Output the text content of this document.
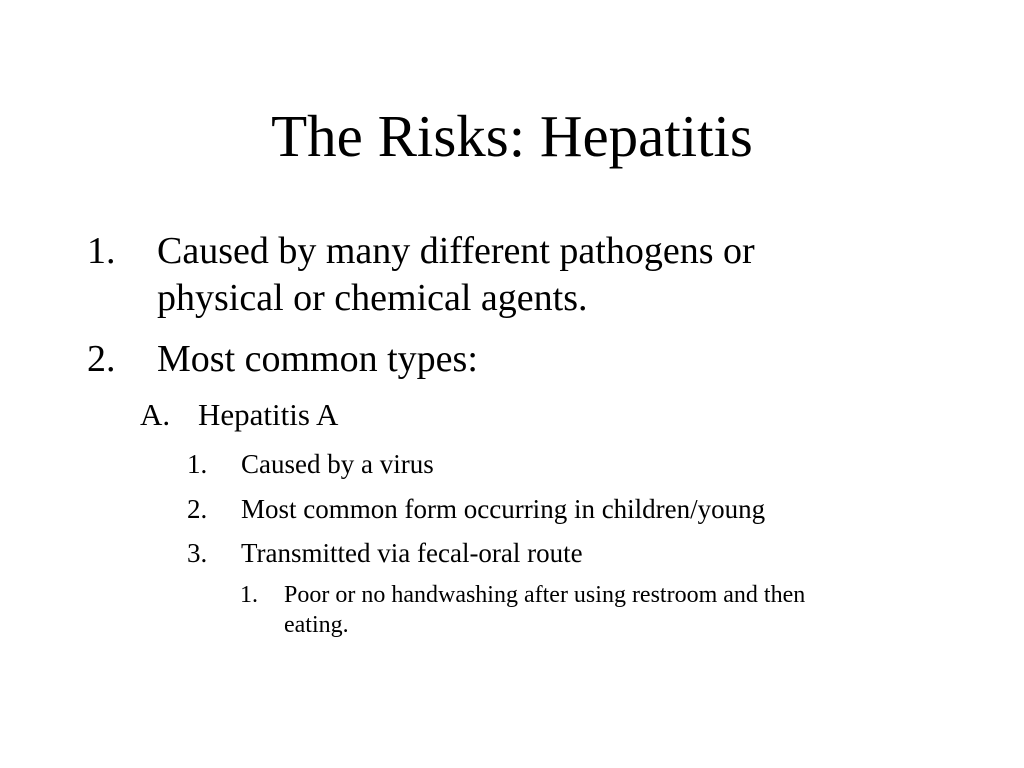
The Risks: Hepatitis
1. Caused by many different pathogens or
physical or chemical agents.
2. Most common types:
A. Hepatitis A
1. Caused by a virus
2. Most common form occurring in children/young
3. Transmitted via fecal-oral route
1. Poor or no handwashing after using restroom and then
eating.
